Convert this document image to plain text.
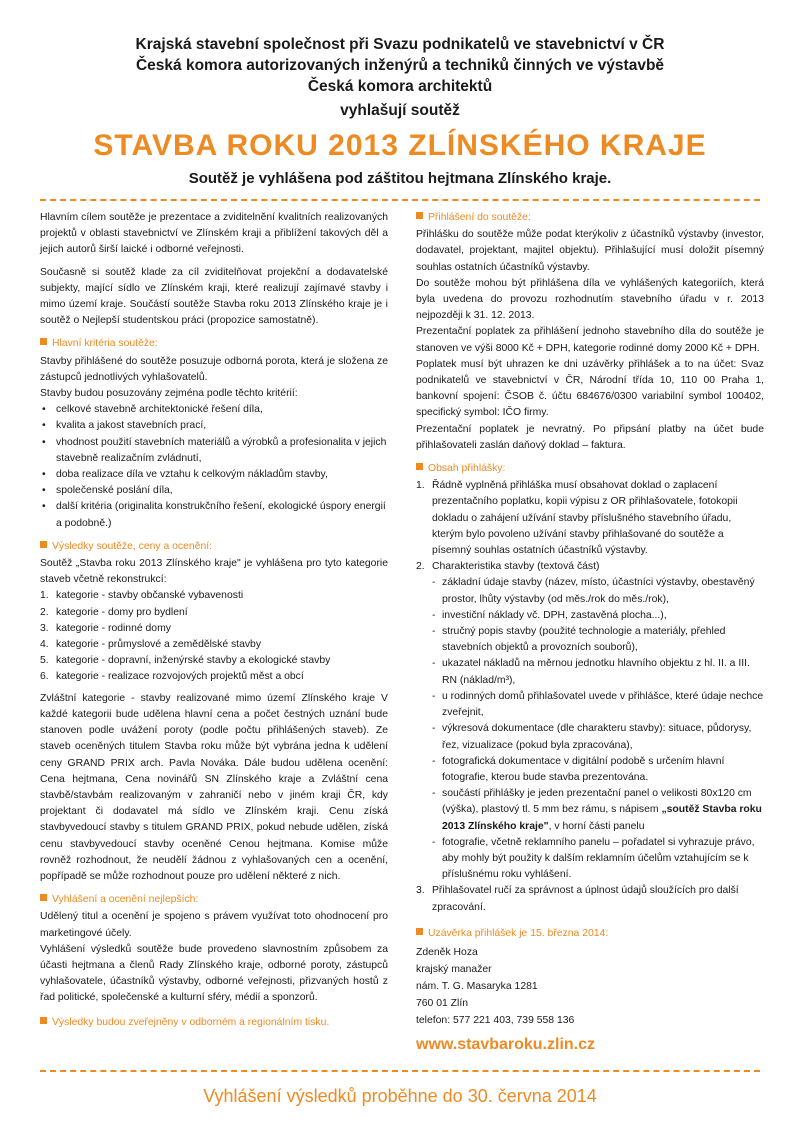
Krajská stavební společnost při Svazu podnikatelů ve stavebnictví v ČR
Česká komora autorizovaných inženýrů a techniků činných ve výstavbě
Česká komora architektů
vyhlašují soutěž
STAVBA ROKU 2013 ZLÍNSKÉHO KRAJE
Soutěž je vyhlášena pod záštitou hejtmana Zlínského kraje.

Hlavním cílem soutěže je prezentace a zviditelnění kvalitních realizovaných projektů v oblasti stavebnictví ve Zlínském kraji a přiblížení takových děl a jejich autorů širší laické i odborné veřejnosti.

Současně si soutěž klade za cíl zviditelňovat projekční a dodavatelské subjekty, mající sídlo ve Zlínském kraji, které realizují zajímavé stavby i mimo území kraje. Součástí soutěže Stavba roku 2013 Zlínského kraje je i soutěž o Nejlepší studentskou práci (propozice samostatně).

Hlavní kritéria soutěže:

Stavby přihlášené do soutěže posuzuje odborná porota, která je složena ze zástupců jednotlivých vyhlašovatelů.

Stavby budou posuzovány zejména podle těchto kritérií:

• celkové stavebně architektonické řešení díla,
• kvalita a jakost stavebních prací,
• vhodnost použití stavebních materiálů a výrobků a profesionalita v jejich stavebně realizačním zvládnutí,
• doba realizace díla ve vztahu k celkovým nákladům stavby,
• společenské poslání díla,
• další kritéria (originalita konstrukčního řešení, ekologické úspory energií a podobně.)
Výsledky soutěže, ceny a ocenění:

Soutěž „Stavba roku 2013 Zlínského kraje" je vyhlášena pro tyto kategorie staveb včetně rekonstrukcí:

1. kategorie - stavby občanské vybavenosti
2. kategorie - domy pro bydlení
3. kategorie - rodinné domy
4. kategorie - průmyslové a zemědělské stavby
5. kategorie - dopravní, inženýrské stavby a ekologické stavby
6. kategorie - realizace rozvojových projektů měst a obcí

Zvláštní kategorie - stavby realizované mimo území Zlínského kraje V každé kategorii bude udělena hlavní cena a počet čestných uznání bude stanoven podle uvážení poroty (podle počtu přihlášených staveb). Ze staveb oceněných titulem Stavba roku může být vybrána jedna k udělení ceny GRAND PRIX arch. Pavla Nováka. Dále budou udělena ocenění: Cena hejtmana, Cena novinářů SN Zlínského kraje a Zvláštní cena stavbě/stavbám realizovaným v zahraničí nebo v jiném kraji ČR, kdy projektant či dodavatel má sídlo ve Zlínském kraji. Cenu získá stavbyvedoucí stavby s titulem GRAND PRIX, pokud nebude udělen, získá cenu stavbyvedoucí stavby oceněné Cenou hejtmana. Komise může rovněž rozhodnout, že neudělí žádnou z vyhlašovaných cen a ocenění, popřípadě se může rozhodnout pouze pro udělení některé z nich.

Vyhlášení a ocenění nejlepších:

Udělený titul a ocenění je spojeno s právem využívat toto ohodnocení pro marketingové účely.

Vyhlášení výsledků soutěže bude provedeno slavnostním způsobem za účasti hejtmana a členů Rady Zlínského kraje, odborné poroty, zástupců vyhlašovatele, účastníků výstavby, odborné veřejnosti, přizvaných hostů z řad politické, společenské a kulturní sféry, médií a sponzorů.

Výsledky budou zveřejněny v odborném a regionálním tisku.
Přihlášení do soutěže:

Přihlášku do soutěže může podat kterýkoliv z účastníků výstavby (investor, dodavatel, projektant, majitel objektu). Přihlašující musí doložit písemný souhlas ostatních účastníků výstavby.

Do soutěže mohou být přihlášena díla ve vyhlášených kategoriích, která byla uvedena do provozu rozhodnutím stavebního úřadu v r. 2013 nejpozději k 31. 12. 2013.

Prezentační poplatek za přihlášení jednoho stavebního díla do soutěže je stanoven ve výši 8000 Kč + DPH, kategorie rodinné domy 2000 Kč + DPH.

Poplatek musí být uhrazen ke dni uzávěrky přihlášek a to na účet: Svaz podnikatelů ve stavebnictví v ČR, Národní třída 10, 110 00 Praha 1, bankovní spojení: ČSOB č. účtu 684676/0300 variabilní symbol 100402, specifický symbol: IČO firmy.

Prezentační poplatek je nevratný. Po připsání platby na účet bude přihlašovateli zaslán daňový doklad – faktura.

Obsah přihlášky:
1. Řádně vyplněná přihláška musí obsahovat doklad o zaplacení prezentačního poplatku, kopii výpisu z OR přihlašovatele, fotokopii dokladu o zahájení užívání stavby příslušného stavebního úřadu, kterým bylo povoleno užívání stavby přihlašované do soutěže a písemný souhlas ostatních účastníků výstavby.
2. Charakteristika stavby (textová část)
- základní údaje stavby (název, místo, účastníci výstavby, obestavěný prostor, lhůty výstavby (od měs./rok do měs./rok),
- investiční náklady vč. DPH, zastavěná plocha...),
- stručný popis stavby (použité technologie a materiály, přehled stavebních objektů a provozních souborů),
- ukazatel nákladů na měrnou jednotku hlavního objektu z hl. II. a III. RN (náklad/m³),
- u rodinných domů přihlašovatel uvede v přihlášce, které údaje nechce zveřejnit,
- výkresová dokumentace (dle charakteru stavby): situace, půdorysy, řez, vizualizace (pokud byla zpracována),
- fotografická dokumentace v digitální podobě s určením hlavní fotografie, kterou bude stavba prezentována.
- součástí přihlášky je jeden prezentační panel o velikosti 80x120 cm (výška), plastový tl. 5 mm bez rámu, s nápisem „soutěž Stavba roku 2013 Zlínského kraje", v horní části panelu
- fotografie, včetně reklamního panelu – pořadatel si vyhrazuje právo, aby mohly být použity k dalším reklamním účelům vztahujícím se k příslušnému roku vyhlášení.
3. Přihlašovatel ručí za správnost a úplnost údajů sloužících pro další zpracování.
Uzávěrka přihlášek je 15. března 2014:
Zdeněk Hoza
krajský manažer
nám. T. G. Masaryka 1281
760 01 Zlín
telefon: 577 221 403, 739 558 136
www.stavbaroku.zlin.cz
Vyhlášení výsledků proběhne do 30. června 2014
